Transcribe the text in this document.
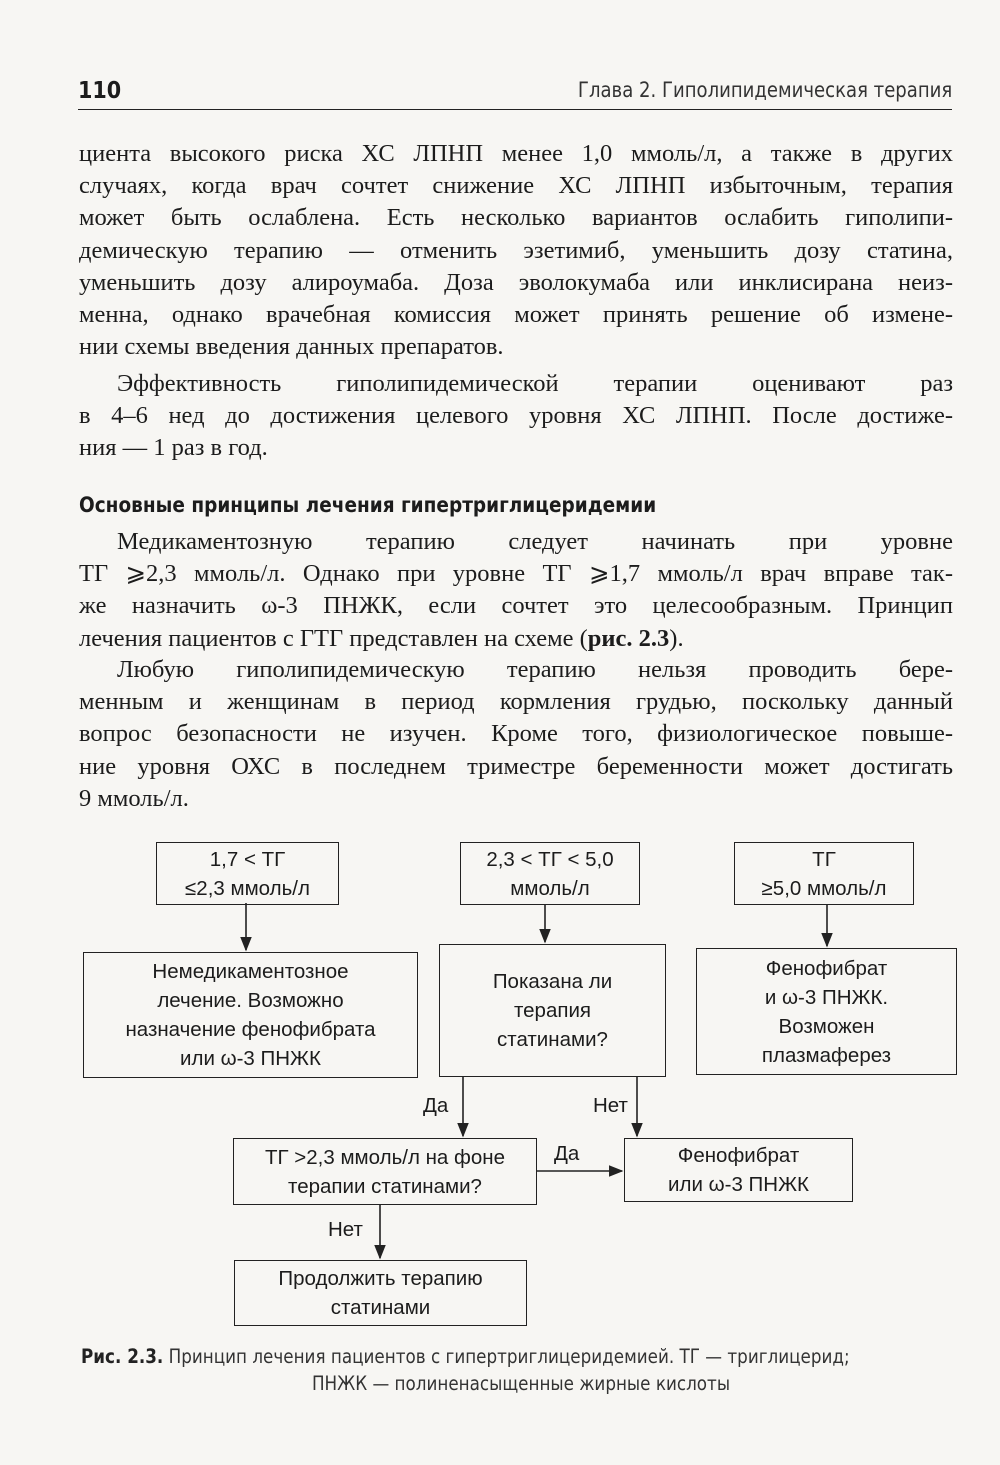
110	Глава 2. Гиполипидемическая терапия
циента высокого риска ХС ЛПНП менее 1,0 ммоль/л, а также в других
случаях, когда врач сочтет снижение ХС ЛПНП избыточным, терапия
может быть ослаблена. Есть несколько вариантов ослабить гиполипи-
демическую терапию — отменить эзетимиб, уменьшить дозу статина,
уменьшить дозу алироумаба. Доза эволокумаба или инклисирана неиз-
менна, однако врачебная комиссия может принять решение об измене-
нии схемы введения данных препаратов.
Эффективность гиполипидемической терапии оценивают раз
в 4–6 нед до достижения целевого уровня ХС ЛПНП. После достиже-
ния — 1 раз в год.
Основные принципы лечения гипертриглицеридемии
Медикаментозную терапию следует начинать при уровне
ТГ ⩾2,3 ммоль/л. Однако при уровне ТГ ⩾1,7 ммоль/л врач вправе так-
же назначить ω-3 ПНЖК, если сочтет это целесообразным. Принцип
лечения пациентов с ГТГ представлен на схеме (рис. 2.3).
Любую гиполипидемическую терапию нельзя проводить бере-
менным и женщинам в период кормления грудью, поскольку данный
вопрос безопасности не изучен. Кроме того, физиологическое повыше-
ние уровня ОХС в последнем триместре беременности может достигать
9 ммоль/л.
1,7 < ТГ
≤2,3 ммоль/л
2,3 < ТГ < 5,0
ммоль/л
ТГ
≥5,0 ммоль/л
Немедикаментозное
лечение. Возможно
назначение фенофибрата
или ω-3 ПНЖК
Показана ли
терапия
статинами?
Фенофибрат
и ω-3 ПНЖК.
Возможен
плазмаферез
ТГ >2,3 ммоль/л на фоне
терапии статинами?
Фенофибрат
или ω-3 ПНЖК
Продолжить терапию
статинами
Да	Нет
Да
Нет
Рис. 2.3. Принцип лечения пациентов с гипертриглицеридемией. ТГ — триглицерид;
ПНЖК — полиненасыщенные жирные кислоты
